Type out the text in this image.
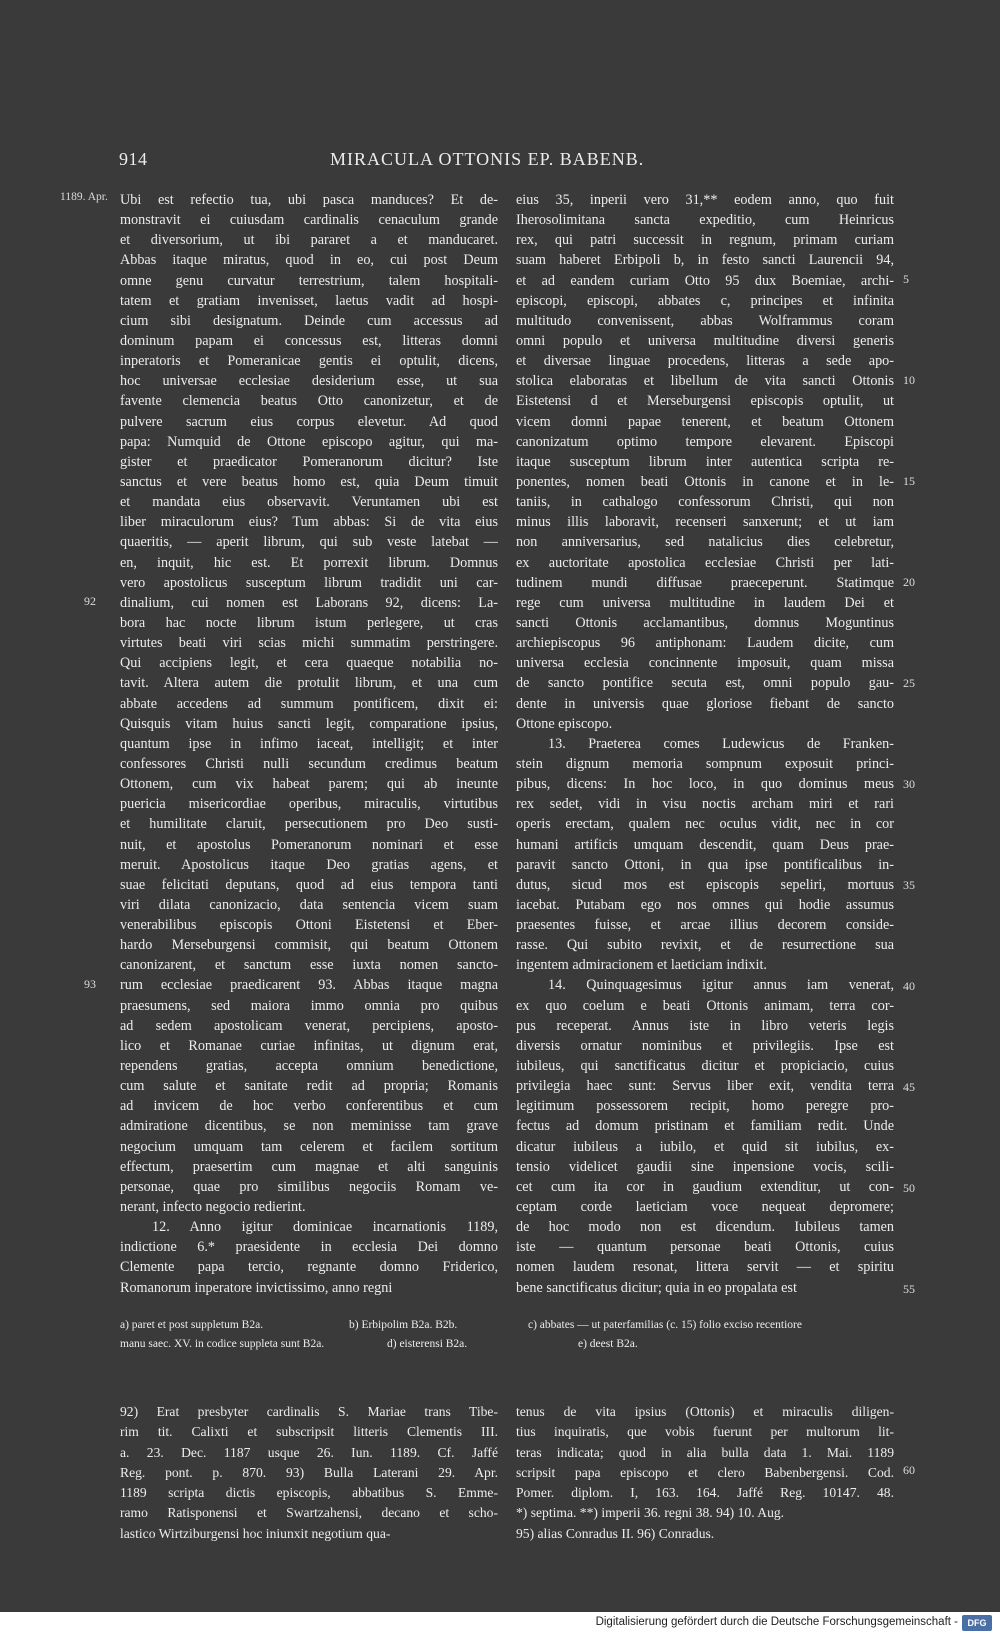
914	MIRACULA OTTONIS EP. BABENB.
1189. Apr. Ubi est refectio tua, ubi pasca manduces? Et de-
monstravit ei cuiusdam cardinalis cenaculum grande
et diversorium, ut ibi pararet a et manducaret.
Abbas itaque miratus, quod in eo, cui post Deum
omne genu curvatur terrestrium, talem hospitali-
tatem et gratiam invenisset, laetus vadit ad hospi-
cium sibi designatum. Deinde cum accessus ad
dominum papam ei concessus est, litteras domni
inperatoris et Pomeranicae gentis ei optulit, dicens,
hoc universae ecclesiae desiderium esse, ut sua
favente clemencia beatus Otto canonizetur, et de
pulvere sacrum eius corpus elevetur. Ad quod
papa: Numquid de Ottone episcopo agitur, qui ma-
gister et praedicator Pomeranorum dicitur? Iste
sanctus et vere beatus homo est, quia Deum timuit
et mandata eius observavit. Veruntamen ubi est
liber miraculorum eius? Tum abbas: Si de vita eius
quaeritis, — aperit librum, qui sub veste latebat —
en, inquit, hic est. Et porrexit librum. Domnus
vero apostolicus susceptum librum tradidit uni car-
dinalium, cui nomen est Laborans 92, dicens: La-
bora hac nocte librum istum perlegere, ut cras
virtutes beati viri scias michi summatim perstringere.
Qui accipiens legit, et cera quaeque notabilia no-
tavit. Altera autem die protulit librum, et una cum
abbate accedens ad summum pontificem, dixit ei:
Quisquis vitam huius sancti legit, comparatione ipsius,
quantum ipse in infimo iaceat, intelligit; et inter
confessores Christi nulli secundum credimus beatum
Ottonem, cum vix habeat parem; qui ab ineunte
puericia misericordiae operibus, miraculis, virtutibus
et humilitate claruit, persecutionem pro Deo susti-
nuit, et apostolus Pomeranorum nominari et esse
meruit. Apostolicus itaque Deo gratias agens, et
suae felicitati deputans, quod ad eius tempora tanti
viri dilata canonizacio, data sentencia vicem suam
venerabilibus episcopis Ottoni Eistetensi et Eber-
hardo Merseburgensi commisit, qui beatum Ottonem
canonizarent, et sanctum esse iuxta nomen sancto-
rum ecclesiae praedicarent 93. Abbas itaque magna
praesumens, sed maiora immo omnia pro quibus
ad sedem apostolicam venerat, percipiens, aposto-
lico et Romanae curiae infinitas, ut dignum erat,
rependens gratias, accepta omnium benedictione,
cum salute et sanitate redit ad propria; Romanis
ad invicem de hoc verbo conferentibus et cum
admiratione dicentibus, se non meminisse tam grave
negocium umquam tam celerem et facilem sortitum
effectum, praesertim cum magnae et alti sanguinis
personae, quae pro similibus negociis Romam ve-
nerant, infecto negocio redierint.
12. Anno igitur dominicae incarnationis 1189,
indictione 6.* praesidente in ecclesia Dei domno
Clemente papa tercio, regnante domno Friderico,
Romanorum inperatore invictissimo, anno regni
eius 35, inperii vero 31,** eodem anno, quo fuit
Iherosolimitana sancta expeditio, cum Heinricus
rex, qui patri successit in regnum, primam curiam
suam haberet Erbipoli b, in festo sancti Laurencii 94,
et ad eandem curiam Otto 95 dux Boemiae, archi-
episcopi, episcopi, abbates c, principes et infinita
multitudo convenissent, abbas Wolframmus coram
omni populo et universa multitudine diversi generis
et diversae linguae procedens, litteras a sede apo-
stolica elaboratas et libellum de vita sancti Ottonis
Eistetensi d et Merseburgensi episcopis optulit, ut
vicem domni papae tenerent, et beatum Ottonem
canonizatum optimo tempore elevarent. Episcopi
itaque susceptum librum inter autentica scripta re-
ponentes, nomen beati Ottonis in canone et in le-
taniis, in cathalogo confessorum Christi, qui non
minus illis laboravit, recenseri sanxerunt; et ut iam
non anniversarius, sed natalicius dies celebretur,
ex auctoritate apostolica ecclesiae Christi per lati-
tudinem mundi diffusae praeceperunt. Statimque
rege cum universa multitudine in laudem Dei et
sancti Ottonis acclamantibus, domnus Moguntinus
archiepiscopus 96 antiphonam: Laudem dicite, cum
universa ecclesia concinnente imposuit, quam missa
de sancto pontifice secuta est, omni populo gau-
dente in universis quae gloriose fiebant de sancto
Ottone episcopo.
13. Praeterea comes Ludewicus de Franken-
stein dignum memoria sompnum exposuit princi-
pibus, dicens: In hoc loco, in quo dominus meus
rex sedet, vidi in visu noctis archam miri et rari
operis erectam, qualem nec oculus vidit, nec in cor
humani artificis umquam descendit, quam Deus prae-
paravit sancto Ottoni, in qua ipse pontificalibus in-
dutus, sicud mos est episcopis sepeliri, mortuus
iacebat. Putabam ego nos omnes qui hodie assumus
praesentes fuisse, et arcae illius decorem conside-
rasse. Qui subito revixit, et de resurrectione sua
ingentem admiracionem et laeticiam indixit.
14. Quinquagesimus igitur annus iam venerat,
ex quo coelum e beati Ottonis animam, terra cor-
pus receperat. Annus iste in libro veteris legis
diversis ornatur nominibus et privilegiis. Ipse est
iubileus, qui sanctificatus dicitur et propiciacio, cuius
privilegia haec sunt: Servus liber exit, vendita terra
legitimum possessorem recipit, homo peregre pro-
fectus ad domum pristinam et familiam redit. Unde
dicatur iubileus a iubilo, et quid sit iubilus, ex-
tensio videlicet gaudii sine inpensione vocis, scili-
cet cum ita cor in gaudium extenditur, ut con-
ceptam corde laeticiam voce nequeat depromere;
de hoc modo non est dicendum. Iubileus tamen
iste — quantum personae beati Ottonis, cuius
nomen laudem resonat, littera servit — et spiritu
bene sanctificatus dicitur; quia in eo propalata est
92
93
5
10
15
20
25
30
35
40
45
50
55
a) paret et post suppletum B2a.	b) Erbipolim B2a. B2b.
manu saec. XV. in codice suppleta sunt B2a.	d) eisterensi B2a.
c) abbates — ut paterfamilias (c. 15) folio exciso recentiore
e) deest B2a.
92) Erat presbyter cardinalis S. Mariae trans Tibe-
rim tit. Calixti et subscripsit litteris Clementis III.
a. 23. Dec. 1187 usque 26. Iun. 1189. Cf. Jaffé
Reg. pont. p. 870. 93) Bulla Laterani 29. Apr.
1189 scripta dictis episcopis, abbatibus S. Emme-
ramo Ratisponensi et Swartzahensi, decano et scho-
lastico Wirtziburgensi hoc iniunxit negotium qua-
tenus de vita ipsius (Ottonis) et miraculis diligen-
tius inquiratis, que vobis fuerunt per multorum lit-
teras indicata; quod in alia bulla data 1. Mai. 1189
scripsit papa episcopo et clero Babenbergensi. Cod.
Pomer. diplom. I, 163. 164. Jaffé Reg. 10147. 48.
*) septima. **) imperii 36. regni 38. 94) 10. Aug.
95) alias Conradus II. 96) Conradus.
60
Digitalisierung gefördert durch die Deutsche Forschungsgemeinschaft -	DFG
